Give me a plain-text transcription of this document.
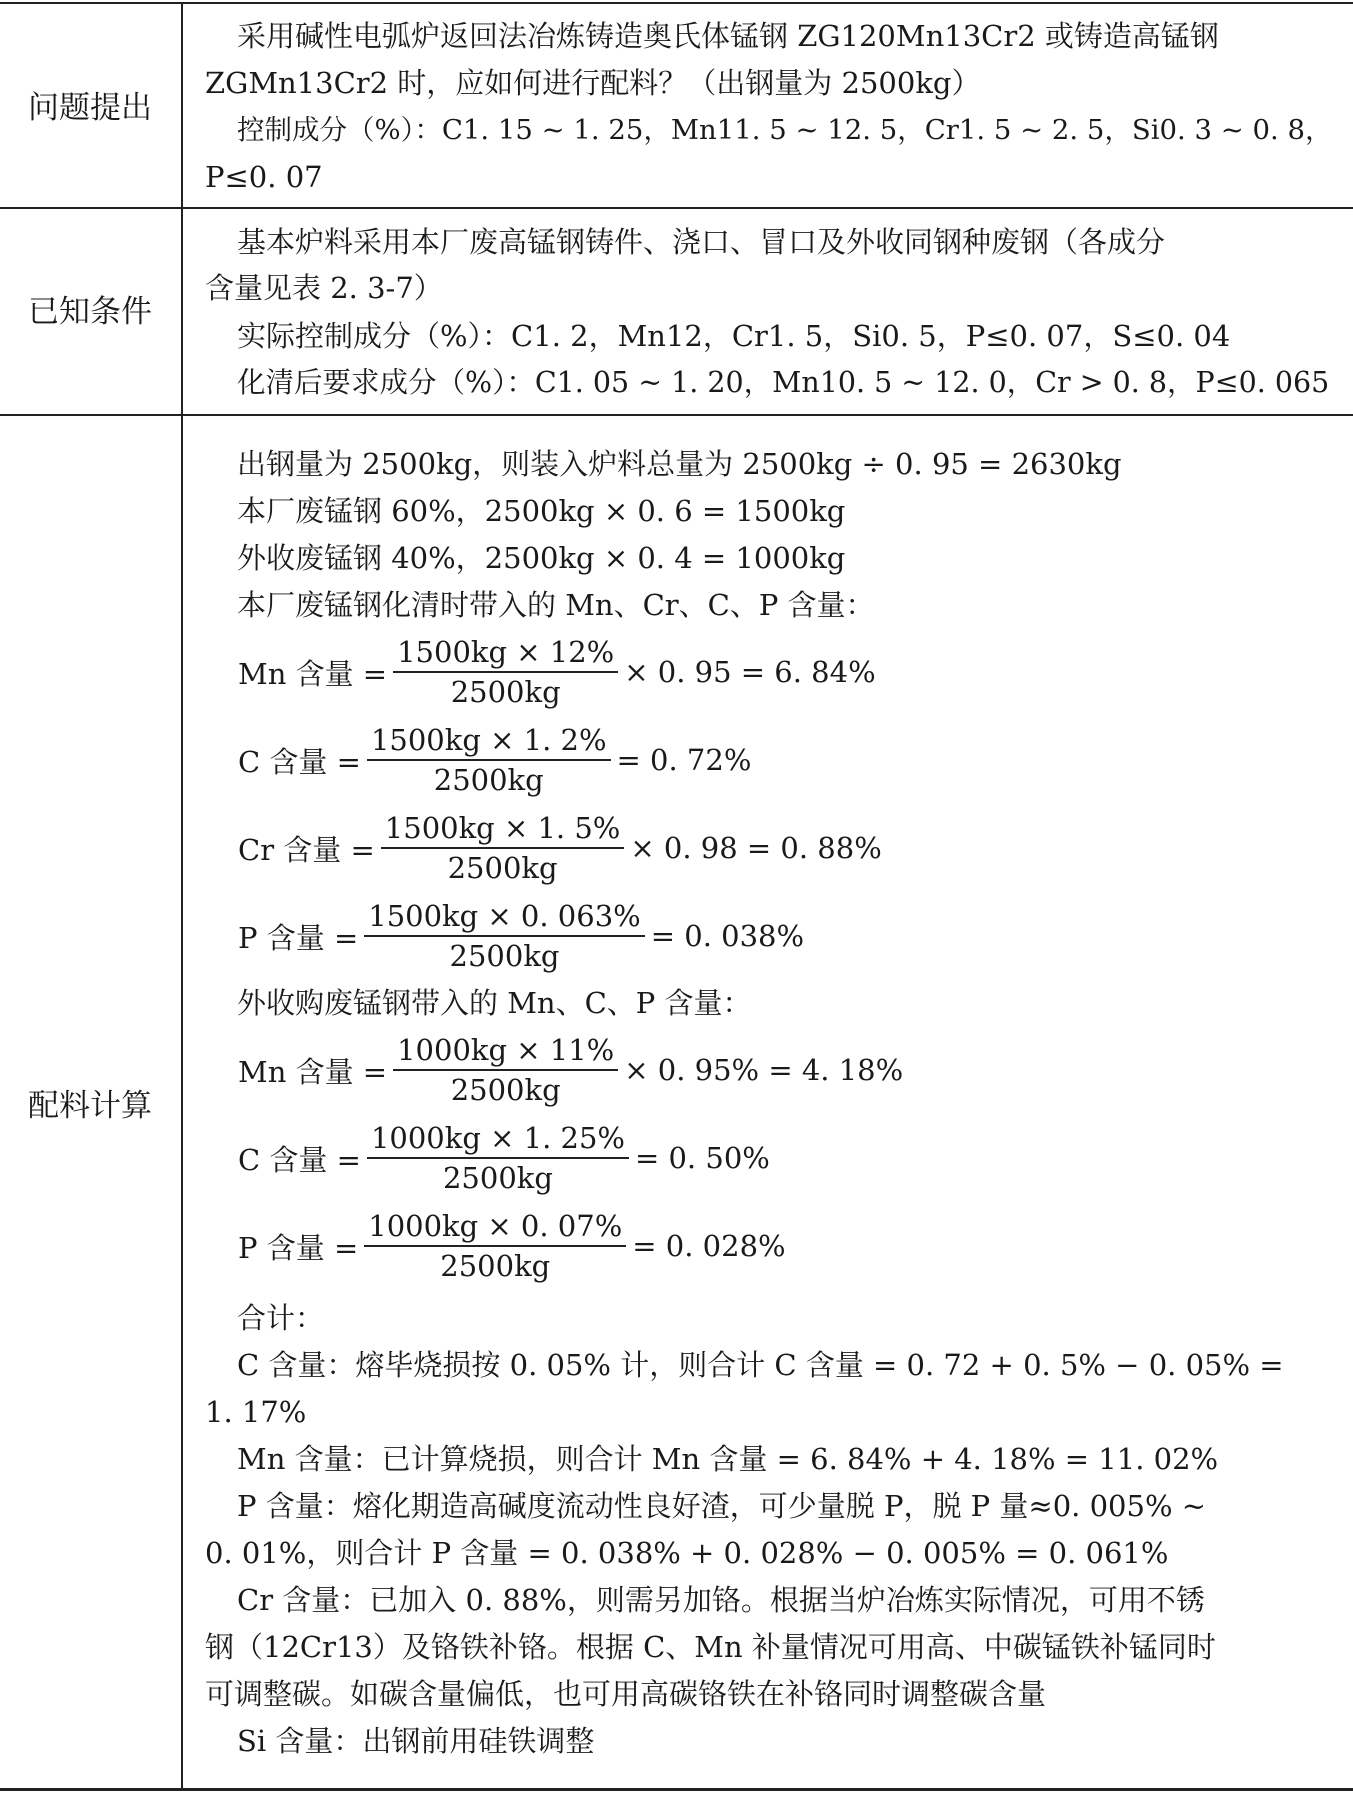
问题提出
采用碱性电弧炉返回法冶炼铸造奥氏体锰钢 ZG120Mn13Cr2 或铸造高锰钢
ZGMn13Cr2 时，应如何进行配料？（出钢量为 2500kg）
控制成分（%）：C1. 15 ~ 1. 25，Mn11. 5 ~ 12. 5，Cr1. 5 ~ 2. 5，Si0. 3 ~ 0. 8，
P≤0. 07
已知条件
基本炉料采用本厂废高锰钢铸件、浇口、冒口及外收同钢种废钢（各成分
含量见表 2. 3-7）
实际控制成分（%）：C1. 2，Mn12，Cr1. 5，Si0. 5，P≤0. 07，S≤0. 04
化清后要求成分（%）：C1. 05 ~ 1. 20，Mn10. 5 ~ 12. 0，Cr > 0. 8，P≤0. 065
配料计算
出钢量为 2500kg，则装入炉料总量为 2500kg ÷ 0. 95 = 2630kg
本厂废锰钢 60%，2500kg × 0. 6 = 1500kg
外收废锰钢 40%，2500kg × 0. 4 = 1000kg
本厂废锰钢化清时带入的 Mn、Cr、C、P 含量：
Mn 含量 = $\frac{1500kg \times 12\%}{2500kg} \times 0$. 95 = 6. 84%
C 含量 = $\frac{1500kg \times 1. 2\%}{2500kg} = 0$. 72%
Cr 含量 = $\frac{1500kg \times 1. 5\%}{2500kg} \times 0$. 98 = 0. 88%
P 含量 = $\frac{1500kg \times 0. 063\%}{2500kg} = 0$. 038%
外收购废锰钢带入的 Mn、C、P 含量：
Mn 含量 = $\frac{1000kg \times 11\%}{2500kg} \times 0$. 95% = 4. 18%
C 含量 = $\frac{1000kg \times 1. 25\%}{2500kg} = 0$. 50%
P 含量 = $\frac{1000kg \times 0. 07\%}{2500kg} = 0$. 028%
合计：
C 含量：熔毕烧损按 0. 05% 计，则合计 C 含量 = 0. 72 + 0. 5% − 0. 05% =
1. 17%
Mn 含量：已计算烧损，则合计 Mn 含量 = 6. 84% + 4. 18% = 11. 02%
P 含量：熔化期造高碱度流动性良好渣，可少量脱 P，脱 P 量≈0. 005% ~
0. 01%，则合计 P 含量 = 0. 038% + 0. 028% − 0. 005% = 0. 061%
Cr 含量：已加入 0. 88%，则需另加铬。根据当炉冶炼实际情况，可用不锈
钢（12Cr13）及铬铁补铬。根据 C、Mn 补量情况可用高、中碳锰铁补锰同时
可调整碳。如碳含量偏低，也可用高碳铬铁在补铬同时调整碳含量
Si 含量：出钢前用硅铁调整
